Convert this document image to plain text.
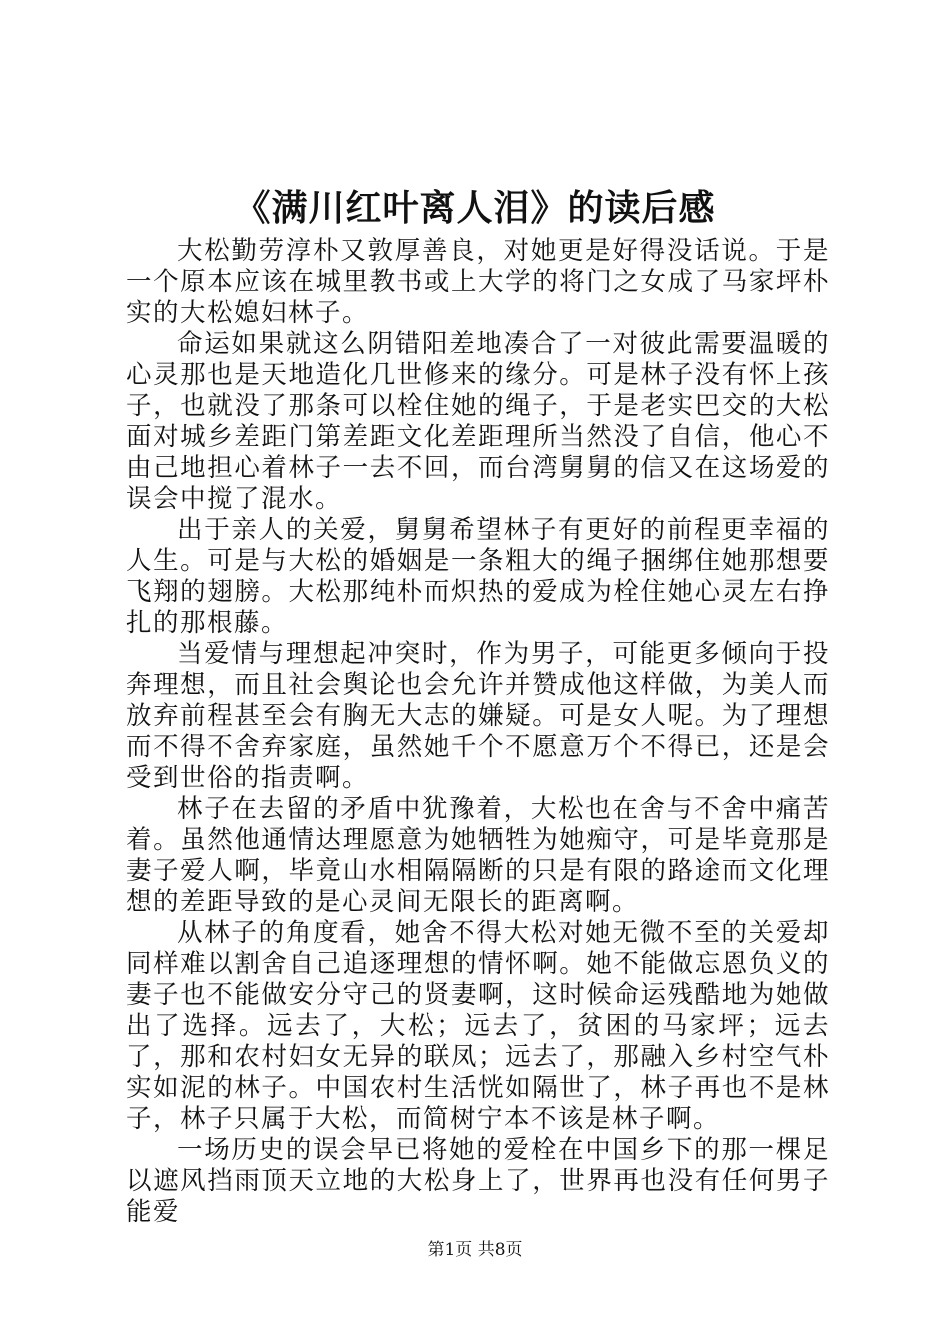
《满川红叶离人泪》的读后感

大松勤劳淳朴又敦厚善良，对她更是好得没话说。于是一个原本应该在城里教书或上大学的将门之女成了马家坪朴实的大松媳妇林子。

命运如果就这么阴错阳差地凑合了一对彼此需要温暖的心灵那也是天地造化几世修来的缘分。可是林子没有怀上孩子，也就没了那条可以栓住她的绳子，于是老实巴交的大松面对城乡差距门第差距文化差距理所当然没了自信，他心不由己地担心着林子一去不回，而台湾舅舅的信又在这场爱的误会中搅了混水。

出于亲人的关爱，舅舅希望林子有更好的前程更幸福的人生。可是与大松的婚姻是一条粗大的绳子捆绑住她那想要飞翔的翅膀。大松那纯朴而炽热的爱成为栓住她心灵左右挣扎的那根藤。

当爱情与理想起冲突时，作为男子，可能更多倾向于投奔理想，而且社会舆论也会允许并赞成他这样做，为美人而放弃前程甚至会有胸无大志的嫌疑。可是女人呢。为了理想而不得不舍弃家庭，虽然她千个不愿意万个不得已，还是会受到世俗的指责啊。

林子在去留的矛盾中犹豫着，大松也在舍与不舍中痛苦着。虽然他通情达理愿意为她牺牲为她痴守，可是毕竟那是妻子爱人啊，毕竟山水相隔隔断的只是有限的路途而文化理想的差距导致的是心灵间无限长的距离啊。

从林子的角度看，她舍不得大松对她无微不至的关爱却同样难以割舍自己追逐理想的情怀啊。她不能做忘恩负义的妻子也不能做安分守己的贤妻啊，这时候命运残酷地为她做出了选择。远去了，大松；远去了，贫困的马家坪；远去了，那和农村妇女无异的联凤；远去了，那融入乡村空气朴实如泥的林子。中国农村生活恍如隔世了，林子再也不是林子，林子只属于大松，而简树宁本不该是林子啊。

一场历史的误会早已将她的爱栓在中国乡下的那一棵足以遮风挡雨顶天立地的大松身上了，世界再也没有任何男子能爱

第1页 共8页
